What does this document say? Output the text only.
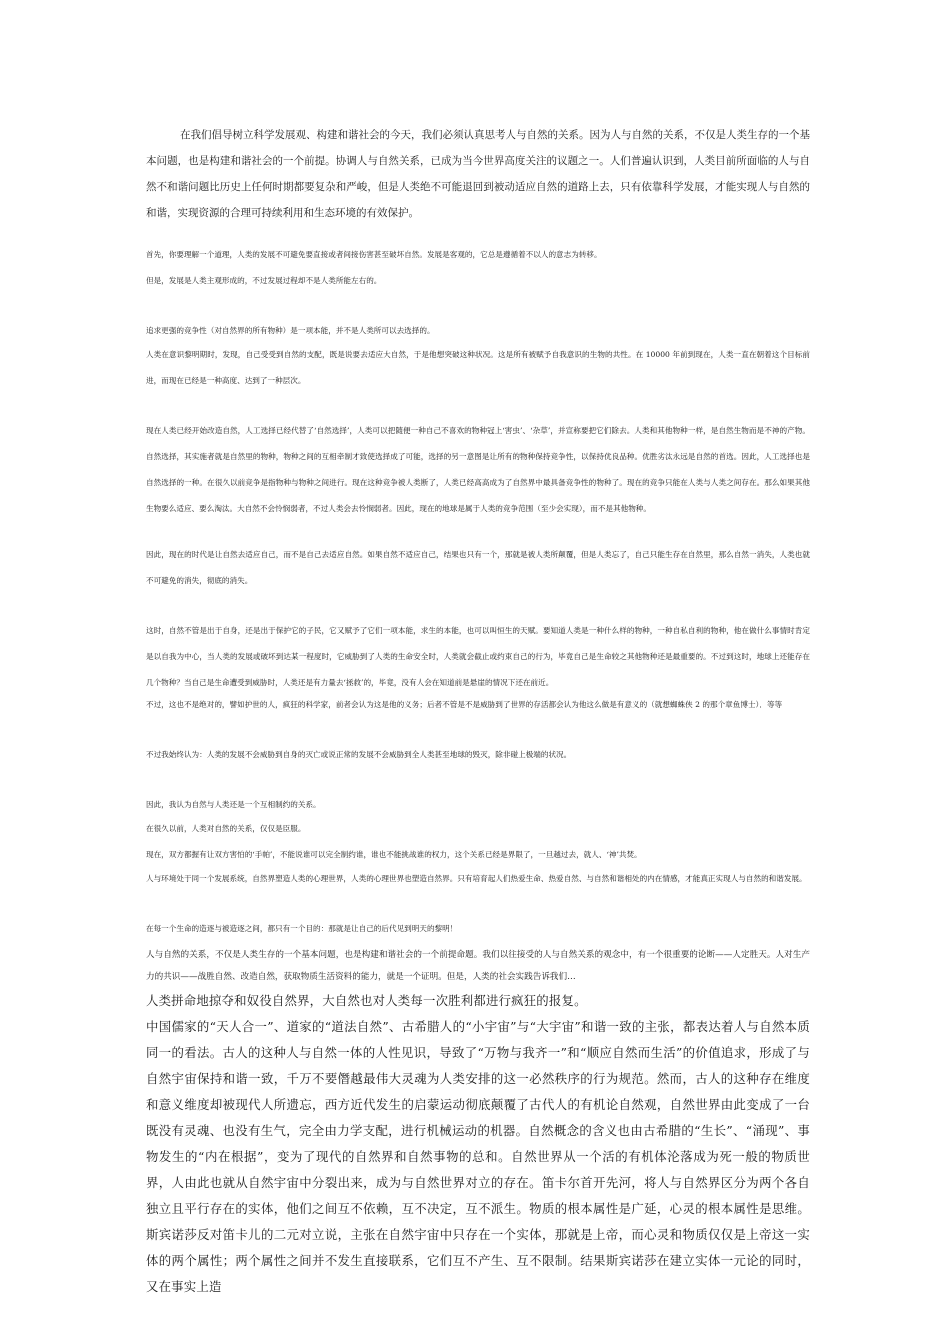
在我们倡导树立科学发展观、构建和谐社会的今天，我们必须认真思考人与自然的关系。因为人与自然的关系，不仅是人类生存的一个基本问题，也是构建和谐社会的一个前提。协调人与自然关系，已成为当今世界高度关注的议题之一。人们普遍认识到，人类目前所面临的人与自然不和谐问题比历史上任何时期都要复杂和严峻，但是人类绝不可能退回到被动适应自然的道路上去，只有依靠科学发展，才能实现人与自然的和谐，实现资源的合理可持续利用和生态环境的有效保护。

首先，你要理解一个道理，人类的发展不可避免要直接或者间接伤害甚至破坏自然。发展是客观的，它总是遵循着不以人的意志为转移。

但是，发展是人类主观形成的，不过发展过程却不是人类所能左右的。

追求更强的竞争性（对自然界的所有物种）是一项本能，并不是人类所可以去选择的。

人类在意识黎明期时，发现，自己受受到自然的支配，既是说要去适应大自然，于是他想突破这种状况。这是所有被赋予自我意识的生物的共性。在 10000 年前到现在，人类一直在朝着这个目标前进，而现在已经是一种高度、达到了一种层次。

现在人类已经开始改造自然，人工选择已经代替了‘自然选择’，人类可以把随便一种自己不喜欢的物种冠上‘害虫’、‘杂草’，并宣称要把它们除去。人类和其他物种一样，是自然生物而是不神的产物。自然选择，其实施者就是自然里的物种，物种之间的互相牵制才致使选择成了可能，选择的另一意图是让所有的物种保持竞争性，以保持优良品种。优胜劣汰永远是自然的首选。因此，人工选择也是自然选择的一种。在很久以前竞争是指物种与物种之间进行。现在这种竞争被人类断了，人类已经高高成为了自然界中最具备竞争性的物种了。现在的竞争只能在人类与人类之间存在。那么如果其他生物要么适应、要么淘汰。大自然不会怜悯弱者，不过人类会去怜悯弱者。因此，现在的地球是属于人类的竞争范围（至少会实现），而不是其他物种。

因此，现在的时代是让自然去适应自己，而不是自己去适应自然。如果自然不适应自己，结果也只有一个，那就是被人类所颠覆，但是人类忘了，自己只能生存在自然里，那么自然一消失，人类也就不可避免的消失，彻底的消失。

这时，自然不管是出于自身，还是出于保护它的子民，它又赋予了它们一项本能，求生的本能，也可以叫恒生的天赋。要知道人类是一种什么样的物种，一种自私自利的物种，他在做什么事情时肯定是以自我为中心，当人类的发展或破坏到达某一程度时，它威胁到了人类的生命安全时，人类就会截止或约束自己的行为，毕竟自己是生命较之其他物种还是最重要的。不过到这时，地球上还能存在几个物种？当自己是生命遭受到威胁时，人类还是有力量去‘拯救’的，毕竟，没有人会在知道前是悬崖的情况下还在前近。

不过，这也不是绝对的，譬如护世的人，疯狂的科学家，前者会认为这是他的义务；后者不管是不是威胁到了世界的存活都会认为他这么做是有意义的（就想蜘蛛侠 2 的那个章鱼博士）．等等

不过我始终认为：人类的发展不会威胁到自身的灭亡或说正常的发展不会威胁到全人类甚至地球的毁灭，除非碰上极端的状况。

因此，我认为自然与人类还是一个互相制约的关系。

在很久以前，人类对自然的关系，仅仅是臣服。

现在，双方都握有让双方害怕的‘手帕’，不能说谁可以完全制约谁，谁也不能挑战谁的权力，这个关系已经是界限了，一旦越过去，就人、‘神’共焚。

人与环境处于同一个发展系统，自然界塑造人类的心理世界，人类的心理世界也塑造自然界。只有培育起人们热爱生命、热爱自然、与自然和谐相处的内在情感，才能真正实现人与自然的和谐发展。

在每一个生命的造逐与被造逐之间，都只有一个目的：那就是让自己的后代见到明天的黎明！

人与自然的关系，不仅是人类生存的一个基本问题，也是构建和谐社会的一个前提命题。我们以往接受的人与自然关系的观念中，有一个很重要的论断——人定胜天。人对生产力的共识——战胜自然、改造自然，获取物质生活资料的能力，就是一个证明。但是，人类的社会实践告诉我们…

人类拼命地掠夺和奴役自然界，大自然也对人类每一次胜利都进行疯狂的报复。

中国儒家的“天人合一”、道家的“道法自然”、古希腊人的“小宇宙”与“大宇宙”和谐一致的主张，都表达着人与自然本质同一的看法。古人的这种人与自然一体的人性见识，导致了“万物与我齐一”和“顺应自然而生活”的价值追求，形成了与自然宇宙保持和谐一致，千万不要僭越最伟大灵魂为人类安排的这一必然秩序的行为规范。然而，古人的这种存在维度和意义维度却被现代人所遗忘，西方近代发生的启蒙运动彻底颠覆了古代人的有机论自然观，自然世界由此变成了一台既没有灵魂、也没有生气，完全由力学支配，进行机械运动的机器。自然概念的含义也由古希腊的“生长”、“涌现”、事物发生的“内在根据”，变为了现代的自然界和自然事物的总和。自然世界从一个活的有机体沦落成为死一般的物质世界，人由此也就从自然宇宙中分裂出来，成为与自然世界对立的存在。笛卡尔首开先河，将人与自然界区分为两个各自独立且平行存在的实体，他们之间互不依赖，互不决定，互不派生。物质的根本属性是广延，心灵的根本属性是思维。斯宾诺莎反对笛卡儿的二元对立说，主张在自然宇宙中只存在一个实体，那就是上帝，而心灵和物质仅仅是上帝这一实体的两个属性；两个属性之间并不发生直接联系，它们互不产生、互不限制。结果斯宾诺莎在建立实体一元论的同时，又在事实上造
